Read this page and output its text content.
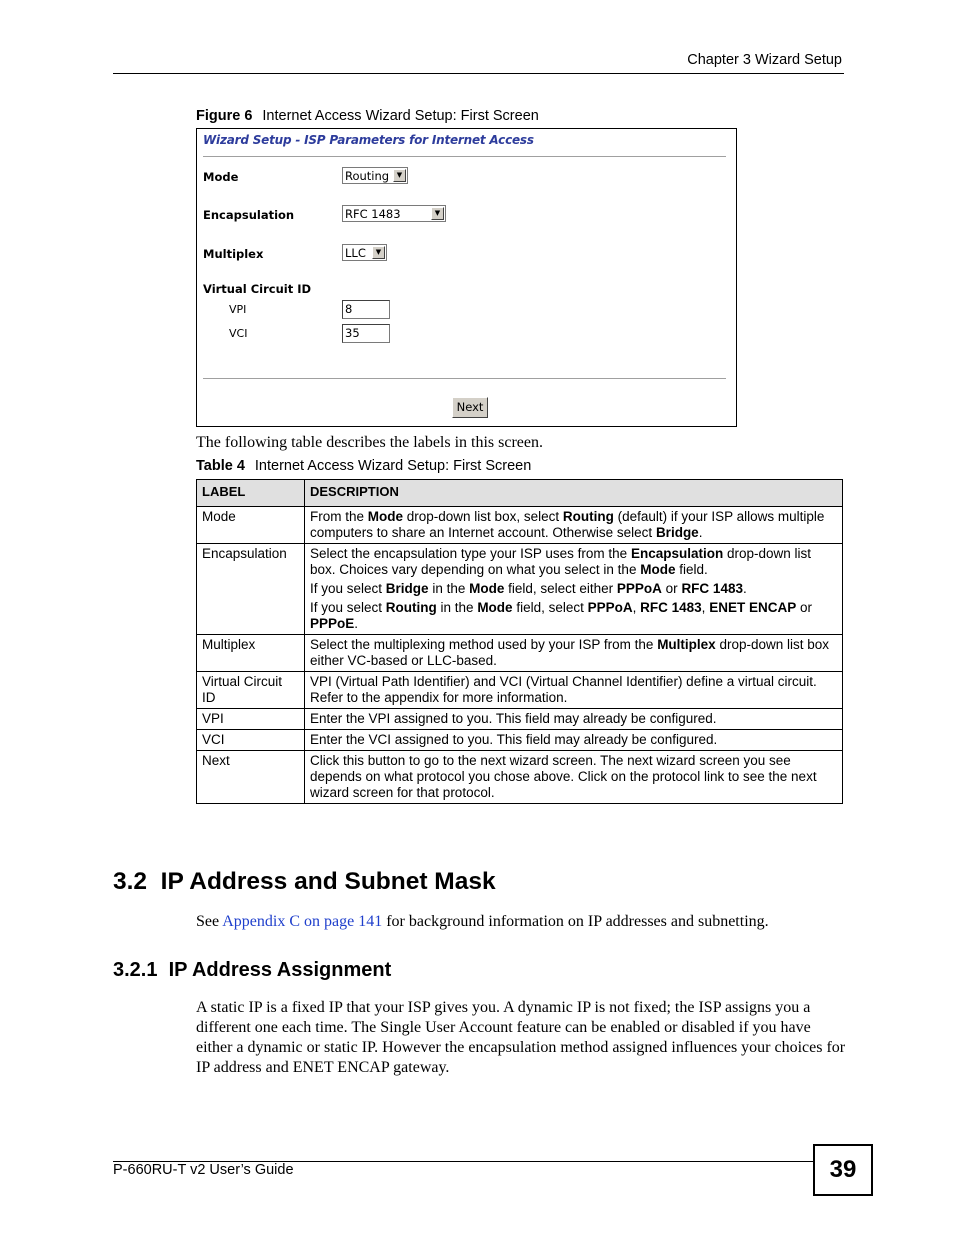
Chapter 3 Wizard Setup
Figure 6 Internet Access Wizard Setup: First Screen
Wizard Setup - ISP Parameters for Internet Access
Mode	Routing	▼
Encapsulation	RFC 1483	▼
Multiplex	LLC	▼
Virtual Circuit ID
VPI	8
VCI	35
Next
The following table describes the labels in this screen.
Table 4 Internet Access Wizard Setup: First Screen
LABEL	DESCRIPTION
Mode	From the Mode drop-down list box, select Routing (default) if your ISP allows multiple computers to share an Internet account. Otherwise select Bridge.
Encapsulation	Select the encapsulation type your ISP uses from the Encapsulation drop-down list box. Choices vary depending on what you select in the Mode field.

If you select Bridge in the Mode field, select either PPPoA or RFC 1483.

If you select Routing in the Mode field, select PPPoA, RFC 1483, ENET ENCAP or PPPoE.

Multiplex	Select the multiplexing method used by your ISP from the Multiplex drop-down list box either VC-based or LLC-based.
Virtual Circuit ID	VPI (Virtual Path Identifier) and VCI (Virtual Channel Identifier) define a virtual circuit. Refer to the appendix for more information.
VPI	Enter the VPI assigned to you. This field may already be configured.
VCI	Enter the VCI assigned to you. This field may already be configured.
Next	Click this button to go to the next wizard screen. The next wizard screen you see depends on what protocol you chose above. Click on the protocol link to see the next wizard screen for that protocol.
3.2  IP Address and Subnet Mask
See Appendix C on page 141 for background information on IP addresses and subnetting.
3.2.1  IP Address Assignment
A static IP is a fixed IP that your ISP gives you. A dynamic IP is not fixed; the ISP assigns you a different one each time. The Single User Account feature can be enabled or disabled if you have either a dynamic or static IP. However the encapsulation method assigned influences your choices for IP address and ENET ENCAP gateway.
P-660RU-T v2 User’s Guide	39
